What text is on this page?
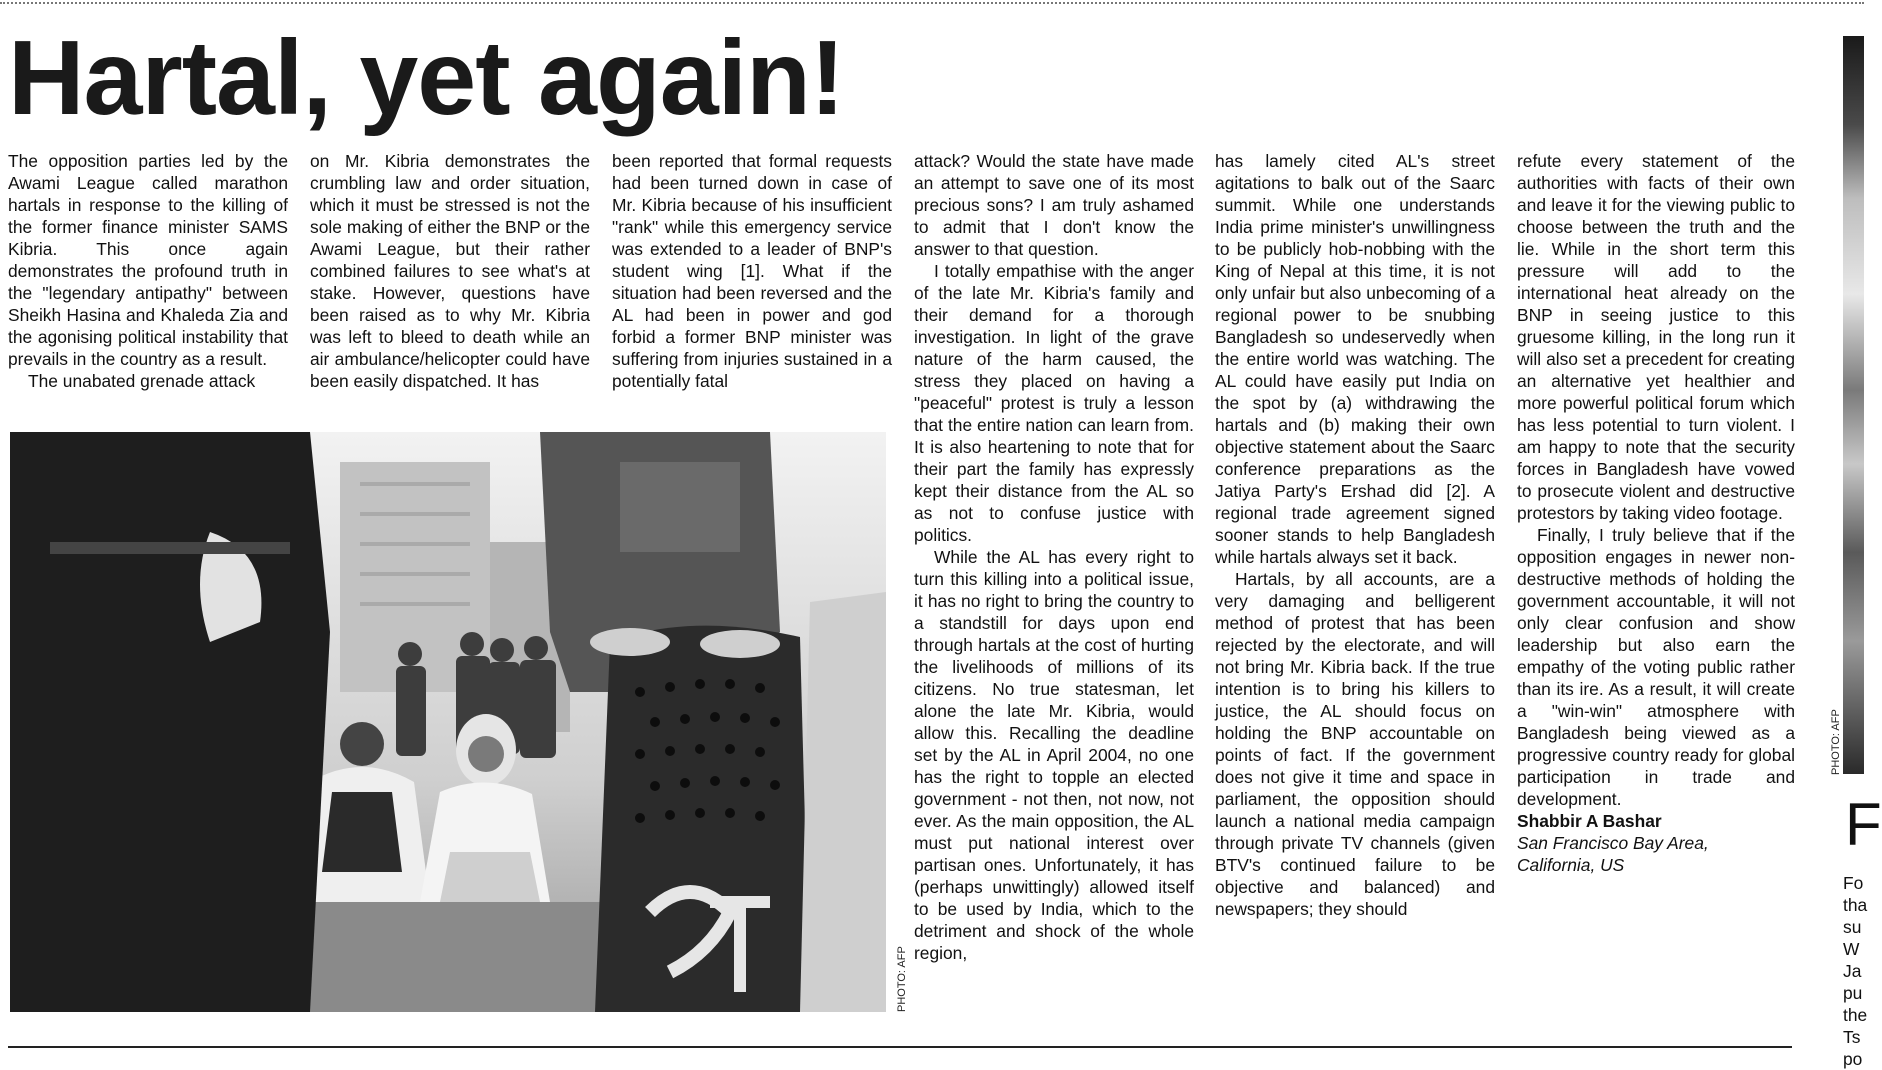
Hartal, yet again!

The opposition parties led by the Awami League called marathon hartals in response to the killing of the former finance minister SAMS Kibria. This once again demonstrates the profound truth in the "legendary antipathy" between Sheikh Hasina and Khaleda Zia and the agonising political instability that prevails in the country as a result.

The unabated grenade attack

on Mr. Kibria demonstrates the crumbling law and order situation, which it must be stressed is not the sole making of either the BNP or the Awami League, but their rather combined failures to see what's at stake. However, questions have been raised as to why Mr. Kibria was left to bleed to death while an air ambulance/helicopter could have been easily dispatched. It has

been reported that formal requests had been turned down in case of Mr. Kibria because of his insufficient "rank" while this emergency service was extended to a leader of BNP's student wing [1]. What if the situation had been reversed and the AL had been in power and god forbid a former BNP minister was suffering from injuries sustained in a potentially fatal

attack? Would the state have made an attempt to save one of its most precious sons? I am truly ashamed to admit that I don't know the answer to that question.

I totally empathise with the anger of the late Mr. Kibria's family and their demand for a thorough investigation. In light of the grave nature of the harm caused, the stress they placed on having a "peaceful" protest is truly a lesson that the entire nation can learn from. It is also heartening to note that for their part the family has expressly kept their distance from the AL so as not to confuse justice with politics.

While the AL has every right to turn this killing into a political issue, it has no right to bring the country to a standstill for days upon end through hartals at the cost of hurting the livelihoods of millions of its citizens. No true statesman, let alone the late Mr. Kibria, would allow this. Recalling the deadline set by the AL in April 2004, no one has the right to topple an elected government - not then, not now, not ever. As the main opposition, the AL must put national interest over partisan ones. Unfortunately, it has (perhaps unwittingly) allowed itself to be used by India, which to the detriment and shock of the whole region,

has lamely cited AL's street agitations to balk out of the Saarc summit. While one understands India prime minister's unwillingness to be publicly hob-nobbing with the King of Nepal at this time, it is not only unfair but also unbecoming of a regional power to be snubbing Bangladesh so undeservedly when the entire world was watching. The AL could have easily put India on the spot by (a) withdrawing the hartals and (b) making their own objective statement about the Saarc conference preparations as the Jatiya Party's Ershad did [2]. A regional trade agreement signed sooner stands to help Bangladesh while hartals always set it back.

Hartals, by all accounts, are a very damaging and belligerent method of protest that has been rejected by the electorate, and will not bring Mr. Kibria back. If the true intention is to bring his killers to justice, the AL should focus on holding the BNP accountable on points of fact. If the government does not give it time and space in parliament, the opposition should launch a national media campaign through private TV channels (given BTV's continued failure to be objective and balanced) and newspapers; they should

refute every statement of the authorities with facts of their own and leave it for the viewing public to choose between the truth and the lie. While in the short term this pressure will add to the international heat already on the BNP in seeing justice to this gruesome killing, in the long run it will also set a precedent for creating an alternative yet healthier and more powerful political forum which has less potential to turn violent. I am happy to note that the security forces in Bangladesh have vowed to prosecute violent and destructive protestors by taking video footage.

Finally, I truly believe that if the opposition engages in newer non-destructive methods of holding the government accountable, it will not only clear confusion and show leadership but also earn the empathy of the voting public rather than its ire. As a result, it will create a "win-win" atmosphere with Bangladesh being viewed as a progressive country ready for global participation in trade and development.

Shabbir A Bashar
San Francisco Bay Area,
California, US
PHOTO: AFP
PHOTO: AFP
F
Fo
tha
su
W
Ja
pu
the
Ts
po
